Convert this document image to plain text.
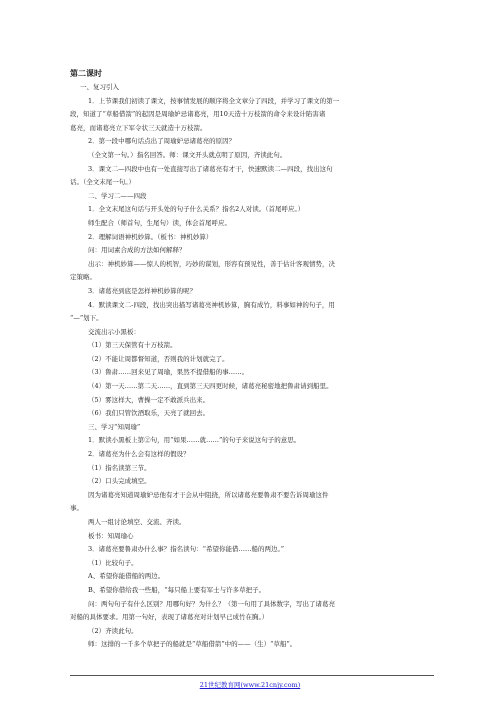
第二课时
一、复习引入
1．上节课我们初读了课文，按事情发展的顺序将全文章分了四段，并学习了课文的第一
段，知道了“草船借箭”的起因是周瑜妒忌诸葛亮，用10天造十万枝箭的命令来设计陷害诸
葛亮，而诸葛亮立下军令状三天就造十万枝箭。
2．第一段中哪句话点出了周瑜妒忌诸葛亮的原因？
（全文第一句。）指名回答。师：课文开头就点明了原因，齐读此句。
3．课文二—四段中也有一处直接写出了诸葛亮有才干，快速默读二—四段，找出这句
话。（全文末尾一句。）
二、学习二——四段
1．全文末尾这句话与开头处的句子什么关系？指名2人对读。（首尾呼应。）
师生配合（师首句，生尾句）读，体会首尾呼应。
2．理解词语神机妙算。（板书：神机妙算）
问：用词素合成的方法如何解释？
出示：神机妙算——惊人的机智，巧妙的谋划，形容有预见性，善于估计客观情势，决
定策略。
3．诸葛亮到底是怎样神机妙算的呢？
4．默读课文二-四段，找出突出描写诸葛亮神机妙算，胸有成竹，料事如神的句子，用
“—”划下。
交流出示小黑板：
（1）第三天保管有十万枝箭。
（2）不能让周都督知道，否则我的计划就完了。
（3）鲁肃……回来见了周瑜，果然不提借船的事……。
（4）第一天……第二天……，直到第三天四更时候，诸葛亮秘密地把鲁肃请到船里。
（5）雾这样大，曹操一定不敢派兵出来。
（6）我们只管饮酒取乐，天亮了就回去。
三、学习“知周瑜”
1．默读小黑板上第②句，用“如果……就……”的句子来说这句子的意思。
2．诸葛亮为什么会有这样的假设？
（1）指名读第三节。
（2）口头完成填空。
因为诸葛亮知道周瑜妒忌他有才干会从中阻挠，所以诸葛亮要鲁肃不要告诉周瑜这件
事。
两人一组讨论填空、交流、齐读。
板书：知周瑜心
3．诸葛亮要鲁肃办什么事？指名读句：“希望你能借……船的两边。”
（1）比较句子。
A、希望你能借船的两边。
B、希望你借给我一些船，“每只船上要有军士与许多草把子。
问：两句句子有什么区别？用哪句好？为什么？（第一句用了具体数字，写出了诸葛亮
对船的具体要求。用第一句好，表现了诸葛亮对计划早已成竹在胸。）
（2）齐读此句。
师：这排的一千多个草把子的船就是“草船借箭”中的——（生）“草船”。
21世纪教育网(www.21cnjy.com)
